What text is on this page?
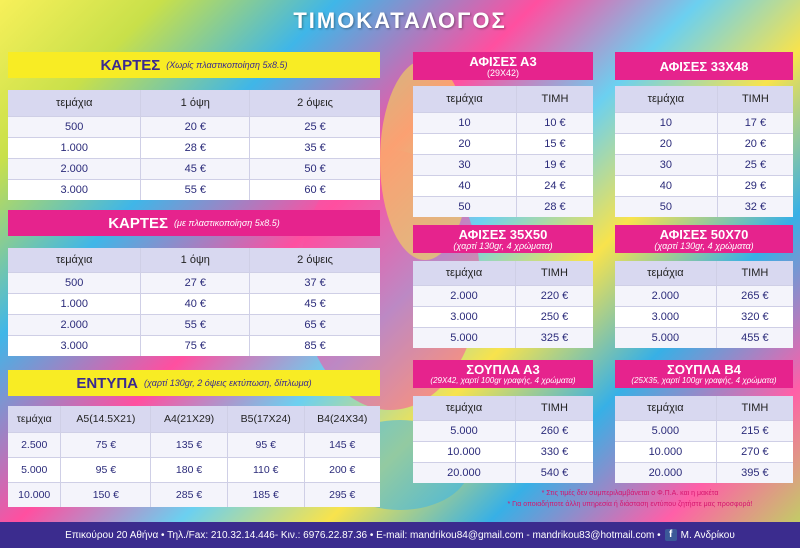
ΤΙΜΟΚΑΤΑΛΟΓΟΣ
ΚΑΡΤΕΣ (Χωρίς πλαστικοποίηση 5x8.5)
τεμάχια	1 όψη	2 όψεις
500	20 €	25 €
1.000	28 €	35 €
2.000	45 €	50 €
3.000	55 €	60 €
ΚΑΡΤΕΣ (με πλαστικοποίηση 5x8.5)
τεμάχια	1 όψη	2 όψεις
500	27 €	37 €
1.000	40 €	45 €
2.000	55 €	65 €
3.000	75 €	85 €
ΕΝΤΥΠΑ (χαρτί 130gr, 2 όψεις εκτύπωση, δίπλωμα)
τεμάχια	A5(14.5X21)	A4(21X29)	B5(17X24)	B4(24X34)
2.500	75 €	135 €	95 €	145 €
5.000	95 €	180 €	110 €	200 €
10.000	150 €	285 €	185 €	295 €
ΑΦΙΣΕΣ Α3
(29X42)
τεμάχια	ΤΙΜΗ
10	10 €
20	15 €
30	19 €
40	24 €
50	28 €
ΑΦΙΣΕΣ 33Χ48
τεμάχια	ΤΙΜΗ
10	17 €
20	20 €
30	25 €
40	29 €
50	32 €
ΑΦΙΣΕΣ 35Χ50
(χαρτί 130gr, 4 χρώματα)
τεμάχια	ΤΙΜΗ
2.000	220 €
3.000	250 €
5.000	325 €
ΑΦΙΣΕΣ 50Χ70
(χαρτί 130gr, 4 χρώματα)
τεμάχια	ΤΙΜΗ
2.000	265 €
3.000	320 €
5.000	455 €
ΣΟΥΠΛΑ Α3
(29X42, χαρτί 100gr γραφής, 4 χρώματα)
τεμάχια	ΤΙΜΗ
5.000	260 €
10.000	330 €
20.000	540 €
ΣΟΥΠΛΑ Β4
(25X35, χαρτί 100gr γραφής, 4 χρώματα)
τεμάχια	ΤΙΜΗ
5.000	215 €
10.000	270 €
20.000	395 €
* Στις τιμές δεν συμπεριλαμβάνεται ο Φ.Π.Α. και η μακέτα
* Για οποιαδήποτε άλλη υπηρεσία ή διάσταση εντύπου ζητήστε μας προσφορά!
Επικούρου 20 Αθήνα • Τηλ./Fax: 210.32.14.446- Κιν.: 6976.22.87.36 • E-mail: mandrikou84@gmail.com - mandrikou83@hotmail.com • f Μ. Ανδρίκου
